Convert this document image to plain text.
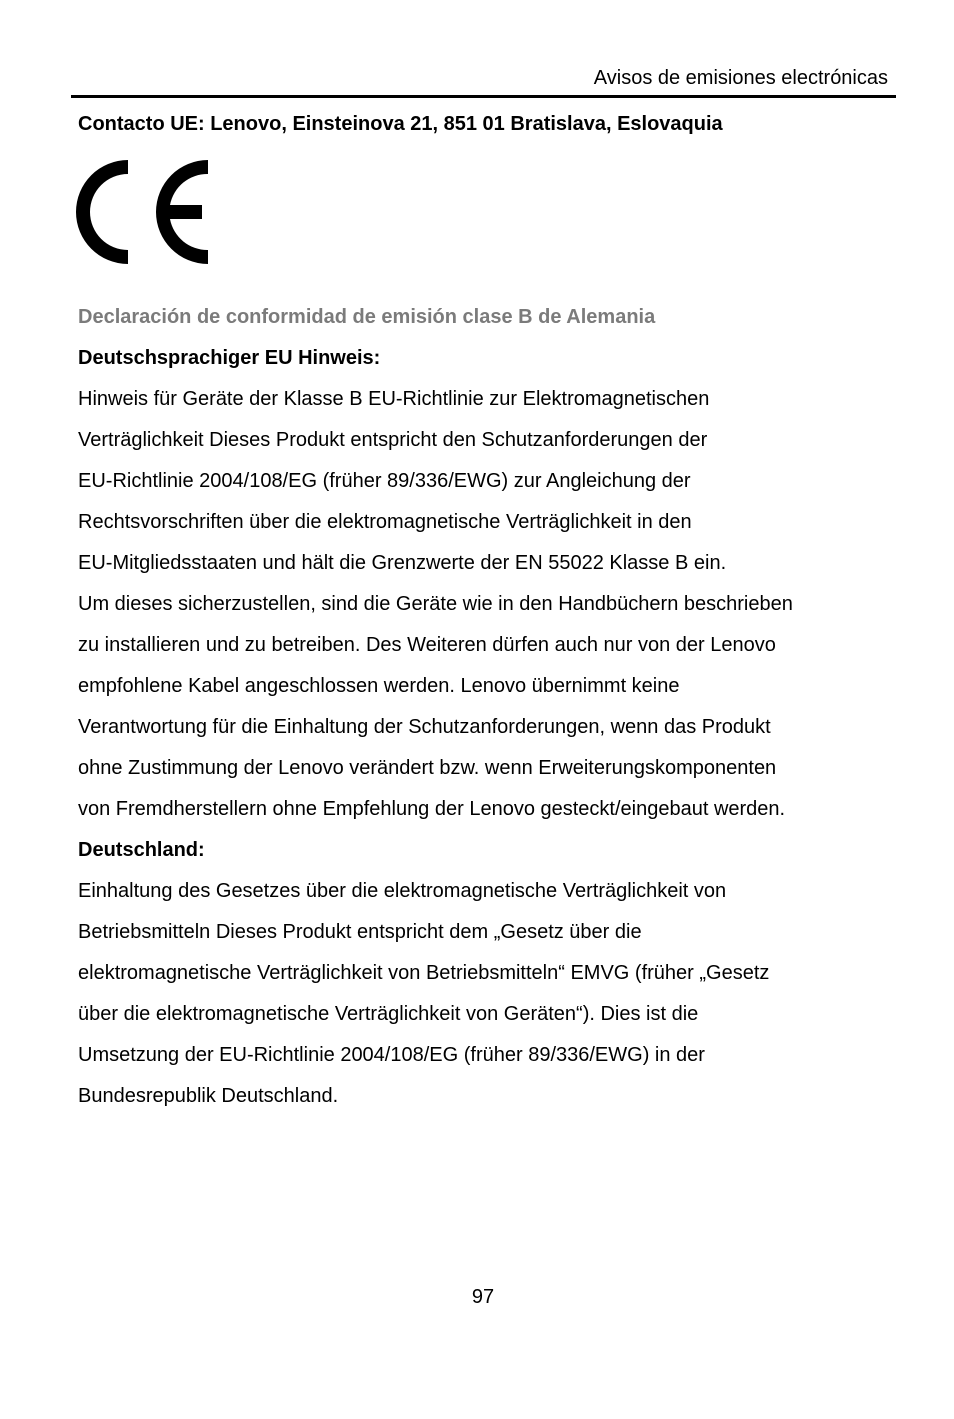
Avisos de emisiones electrónicas
Contacto UE: Lenovo, Einsteinova 21, 851 01 Bratislava, Eslovaquia
Declaración de conformidad de emisión clase B de Alemania
Deutschsprachiger EU Hinweis:
Hinweis für Geräte der Klasse B EU-Richtlinie zur Elektromagnetischen
Verträglichkeit Dieses Produkt entspricht den Schutzanforderungen der
EU-Richtlinie 2004/108/EG (früher 89/336/EWG) zur Angleichung der
Rechtsvorschriften über die elektromagnetische Verträglichkeit in den
EU-Mitgliedsstaaten und hält die Grenzwerte der EN 55022 Klasse B ein.
Um dieses sicherzustellen, sind die Geräte wie in den Handbüchern beschrieben
zu installieren und zu betreiben. Des Weiteren dürfen auch nur von der Lenovo
empfohlene Kabel angeschlossen werden. Lenovo übernimmt keine
Verantwortung für die Einhaltung der Schutzanforderungen, wenn das Produkt
ohne Zustimmung der Lenovo verändert bzw. wenn Erweiterungskomponenten
von Fremdherstellern ohne Empfehlung der Lenovo gesteckt/eingebaut werden.
Deutschland:
Einhaltung des Gesetzes über die elektromagnetische Verträglichkeit von
Betriebsmitteln Dieses Produkt entspricht dem „Gesetz über die
elektromagnetische Verträglichkeit von Betriebsmitteln“ EMVG (früher „Gesetz
über die elektromagnetische Verträglichkeit von Geräten“). Dies ist die
Umsetzung der EU-Richtlinie 2004/108/EG (früher 89/336/EWG) in der
Bundesrepublik Deutschland.
97
